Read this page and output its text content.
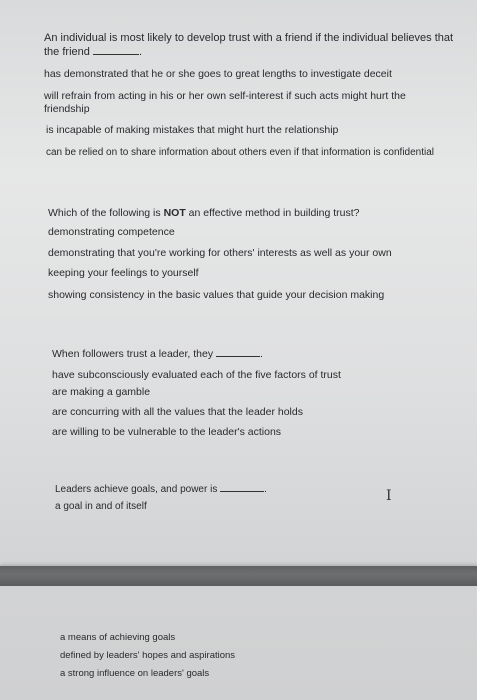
An individual is most likely to develop trust with a friend if the individual believes that the friend	.
has demonstrated that he or she goes to great lengths to investigate deceit
will refrain from acting in his or her own self-interest if such acts might hurt the friendship
is incapable of making mistakes that might hurt the relationship
can be relied on to share information about others even if that information is confidential
Which of the following is NOT an effective method in building trust?
demonstrating competence
demonstrating that you're working for others' interests as well as your own
keeping your feelings to yourself
showing consistency in the basic values that guide your decision making
When followers trust a leader, they	.
have subconsciously evaluated each of the five factors of trust
are making a gamble
are concurring with all the values that the leader holds
are willing to be vulnerable to the leader's actions
Leaders achieve goals, and power is	.
a goal in and of itself
I
a means of achieving goals
defined by leaders' hopes and aspirations
a strong influence on leaders' goals
